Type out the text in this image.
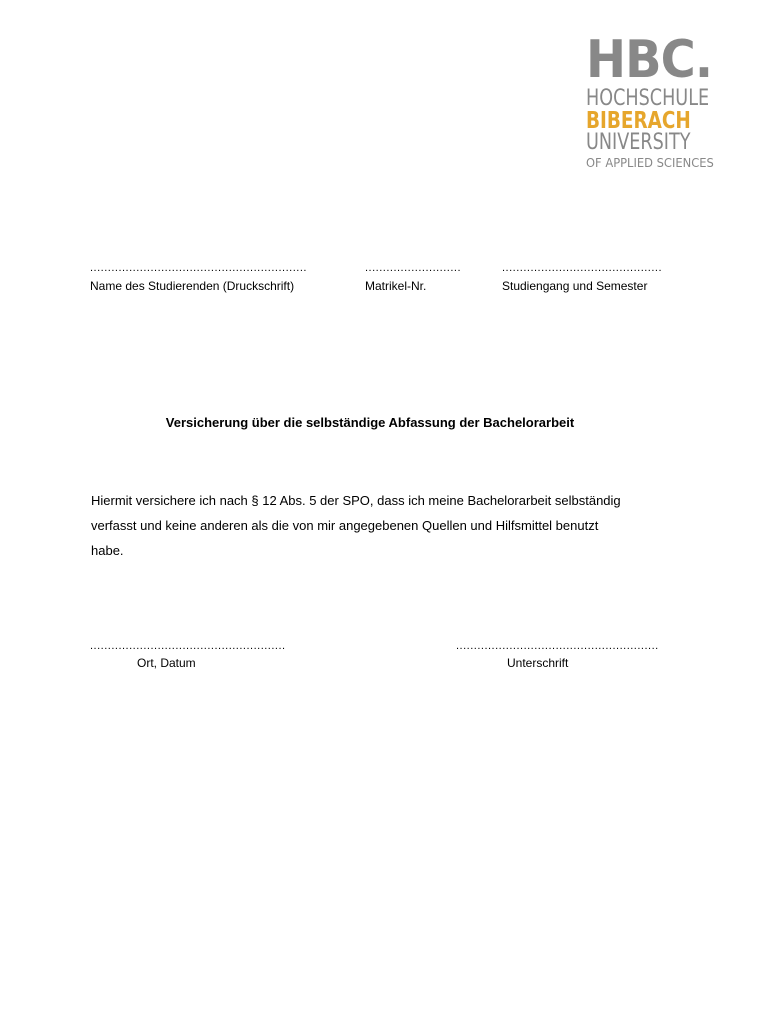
HBC.
HOCHSCHULE
BIBERACH
UNIVERSITY
OF APPLIED SCIENCES
.............................................................
Name des Studierenden (Druckschrift)
...........................
Matrikel-Nr.
.............................................
Studiengang und Semester
Versicherung über die selbständige Abfassung der Bachelorarbeit

Hiermit versichere ich nach § 12 Abs. 5 der SPO, dass ich meine Bachelorarbeit selbständig

verfasst und keine anderen als die von mir angegebenen Quellen und Hilfsmittel benutzt

habe.

.......................................................
Ort, Datum
.........................................................
Unterschrift
